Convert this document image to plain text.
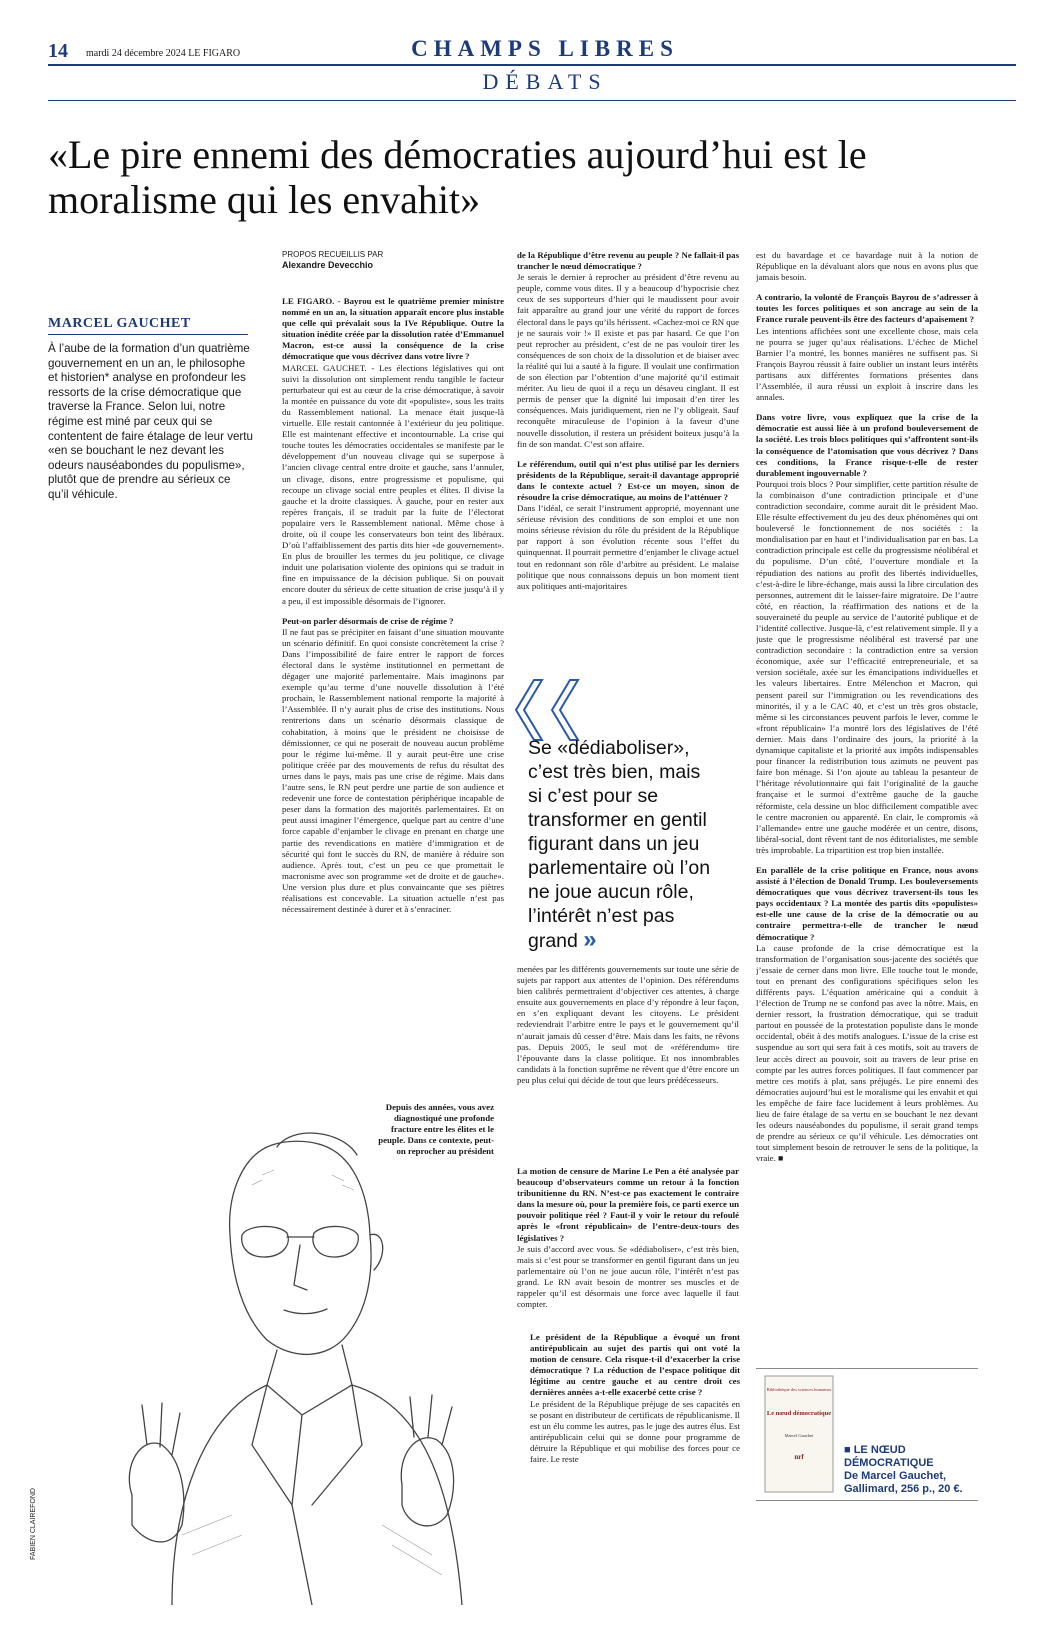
14 mardi 24 décembre 2024 LE FIGARO	CHAMPS LIBRES
DÉBATS
«Le pire ennemi des démocraties aujourd’hui est le moralisme qui les envahit»
MARCEL GAUCHET
À l’aube de la formation d’un quatrième gouvernement en un an, le philosophe et historien* analyse en profondeur les ressorts de la crise démocratique que traverse la France. Selon lui, notre régime est miné par ceux qui se contentent de faire étalage de leur vertu «en se bouchant le nez devant les odeurs nauséabondes du populisme», plutôt que de prendre au sérieux ce qu’il véhicule.
PROPOS RECUEILLIS PAR
Alexandre Devecchio

LE FIGARO. - Bayrou est le quatrième premier ministre nommé en un an, la situation apparaît encore plus instable que celle qui prévalait sous la IVe République. Outre la situation inédite créée par la dissolution ratée d’Emmanuel Macron, est-ce aussi la conséquence de la crise démocratique que vous décrivez dans votre livre ?
MARCEL GAUCHET. - Les élections législatives qui ont suivi la dissolution ont simplement rendu tangible le facteur perturbateur qui est au cœur de la crise démocratique, à savoir la montée en puissance du vote dit «populiste», sous les traits du Rassemblement national. La menace était jusque-là virtuelle. Elle restait cantonnée à l’extérieur du jeu politique. Elle est maintenant effective et incontournable. La crise qui touche toutes les démocraties occidentales se manifeste par le développement d’un nouveau clivage qui se superpose à l’ancien clivage central entre droite et gauche, sans l’annuler, un clivage, disons, entre progressisme et populisme, qui recoupe un clivage social entre peuples et élites. Il divise la gauche et la droite classiques. À gauche, pour en rester aux repères français, il se traduit par la fuite de l’électorat populaire vers le Rassemblement national. Même chose à droite, où il coupe les conservateurs bon teint des libéraux. D’où l’affaiblissement des partis dits hier «de gouvernement». En plus de brouiller les termes du jeu politique, ce clivage induit une polarisation violente des opinions qui se traduit in fine en impuissance de la décision publique. Si on pouvait encore douter du sérieux de cette situation de crise jusqu’à il y a peu, il est impossible désormais de l’ignorer.

Peut-on parler désormais de crise de régime ?
Il ne faut pas se précipiter en faisant d’une situation mouvante un scénario définitif. En quoi consiste concrètement la crise ? Dans l’impossibilité de faire entrer le rapport de forces électoral dans le système institutionnel en permettant de dégager une majorité parlementaire. Mais imaginons par exemple qu’au terme d’une nouvelle dissolution à l’été prochain, le Rassemblement national remporte la majorité à l’Assemblée. Il n’y aurait plus de crise des institutions. Nous rentrerions dans un scénario désormais classique de cohabitation, à moins que le président ne choisisse de démissionner, ce qui ne poserait de nouveau aucun problème pour le régime lui-même. Il y aurait peut-être une crise politique créée par des mouvements de refus du résultat des urnes dans le pays, mais pas une crise de régime. Mais dans l’autre sens, le RN peut perdre une partie de son audience et redevenir une force de contestation périphérique incapable de peser dans la formation des majorités parlementaires. Et on peut aussi imaginer l’émergence, quelque part au centre d’une force capable d’enjamber le clivage en prenant en charge une partie des revendications en matière d’immigration et de sécurité qui font le succès du RN, de manière à réduire son audience. Après tout, c’est un peu ce que promettait le macronisme avec son programme «et de droite et de gauche». Une version plus dure et plus convaincante que ses piètres réalisations est concevable. La situation actuelle n’est pas nécessairement destinée à durer et à s’enraciner.

de la République d’être revenu au peuple ? Ne fallait-il pas trancher le nœud démocratique ?
Je serais le dernier à reprocher au président d’être revenu au peuple, comme vous dites. Il y a beaucoup d’hypocrisie chez ceux de ses supporteurs d’hier qui le maudissent pour avoir fait apparaître au grand jour une vérité du rapport de forces électoral dans le pays qu’ils hérissent. «Cachez-moi ce RN que je ne saurais voir !» Il existe et pas par hasard. Ce que l’on peut reprocher au président, c’est de ne pas vouloir tirer les conséquences de son choix de la dissolution et de biaiser avec la réalité qui lui a sauté à la figure. Il voulait une confirmation de son élection par l’obtention d’une majorité qu’il estimait mériter. Au lieu de quoi il a reçu un désaveu cinglant. Il est permis de penser que la dignité lui imposait d’en tirer les conséquences. Mais juridiquement, rien ne l’y obligeait. Sauf reconquête miraculeuse de l’opinion à la faveur d’une nouvelle dissolution, il restera un président boiteux jusqu’à la fin de son mandat. C’est son affaire.

Le référendum, outil qui n’est plus utilisé par les derniers présidents de la République, serait-il davantage approprié dans le contexte actuel ? Est-ce un moyen, sinon de résoudre la crise démocratique, au moins de l’atténuer ?
Dans l’idéal, ce serait l’instrument approprié, moyennant une sérieuse révision des conditions de son emploi et une non moins sérieuse révision du rôle du président de la République par rapport à son évolution récente sous l’effet du quinquennat. Il pourrait permettre d’enjamber le clivage actuel tout en redonnant son rôle d’arbitre au président. Le malaise politique que nous connaissons depuis un bon moment tient aux politiques anti-majoritaires

Se «dédiaboliser», c’est très bien, mais si c’est pour se transformer en gentil figurant dans un jeu parlementaire où l’on ne joue aucun rôle, l’intérêt n’est pas grand »

menées par les différents gouvernements sur toute une série de sujets par rapport aux attentes de l’opinion. Des référendums bien calibrés permettraient d’objectiver ces attentes, à charge ensuite aux gouvernements en place d’y répondre à leur façon, en s’en expliquant devant les citoyens. Le président redeviendrait l’arbitre entre le pays et le gouvernement qu’il n’aurait jamais dû cesser d’être. Mais dans les faits, ne rêvons pas. Depuis 2005, le seul mot de «référendum» tire l’épouvante dans la classe politique. Et nos innombrables candidats à la fonction suprême ne rêvent que d’être encore un peu plus celui qui décide de tout que leurs prédécesseurs.

La motion de censure de Marine Le Pen a été analysée par beaucoup d’observateurs comme un retour à la fonction tribunitienne du RN. N’est-ce pas exactement le contraire dans la mesure où, pour la première fois, ce parti exerce un pouvoir politique réel ? Faut-il y voir le retour du refoulé après le «front républicain» de l’entre-deux-tours des législatives ?
Je suis d’accord avec vous. Se «dédiaboliser», c’est très bien, mais si c’est pour se transformer en gentil figurant dans un jeu parlementaire où l’on ne joue aucun rôle, l’intérêt n’est pas grand. Le RN avait besoin de montrer ses muscles et de rappeler qu’il est désormais une force avec laquelle il faut compter.

Le président de la République a évoqué un front antirépublicain au sujet des partis qui ont voté la motion de censure. Cela risque-t-il d’exacerber la crise démocratique ? La réduction de l’espace politique dit légitime au centre gauche et au centre droit ces dernières années a-t-elle exacerbé cette crise ?
Le président de la République préjuge de ses capacités en se posant en distributeur de certificats de républicanisme. Il est un élu comme les autres, pas le juge des autres élus. Est antirépublicain celui qui se donne pour programme de détruire la République et qui mobilise des forces pour ce faire. Le reste

est du bavardage et ce bavardage nuit à la notion de République en la dévaluant alors que nous en avons plus que jamais besoin.

A contrario, la volonté de François Bayrou de s’adresser à toutes les forces politiques et son ancrage au sein de la France rurale peuvent-ils être des facteurs d’apaisement ?
Les intentions affichées sont une excellente chose, mais cela ne pourra se juger qu’aux réalisations. L’échec de Michel Barnier l’a montré, les bonnes manières ne suffisent pas. Si François Bayrou réussit à faire oublier un instant leurs intérêts partisans aux différentes formations présentes dans l’Assemblée, il aura réussi un exploit à inscrire dans les annales.

Dans votre livre, vous expliquez que la crise de la démocratie est aussi liée à un profond bouleversement de la société. Les trois blocs politiques qui s’affrontent sont-ils la conséquence de l’atomisation que vous décrivez ? Dans ces conditions, la France risque-t-elle de rester durablement ingouvernable ?
Pourquoi trois blocs ? Pour simplifier, cette partition résulte de la combinaison d’une contradiction principale et d’une contradiction secondaire, comme aurait dit le président Mao. Elle résulte effectivement du jeu des deux phénomènes qui ont bouleversé le fonctionnement de nos sociétés : la mondialisation par en haut et l’individualisation par en bas. La contradiction principale est celle du progressisme néolibéral et du populisme. D’un côté, l’ouverture mondiale et la répudiation des nations au profit des libertés individuelles, c’est-à-dire le libre-échange, mais aussi la libre circulation des personnes, autrement dit le laisser-faire migratoire. De l’autre côté, en réaction, la réaffirmation des nations et de la souveraineté du peuple au service de l’autorité publique et de l’identité collective. Jusque-là, c’est relativement simple. Il y a juste que le progressisme néolibéral est traversé par une contradiction secondaire : la contradiction entre sa version économique, axée sur l’efficacité entrepreneuriale, et sa version sociétale, axée sur les émancipations individuelles et les valeurs libertaires. Entre Mélenchon et Macron, qui pensent pareil sur l’immigration ou les revendications des minorités, il y a le CAC 40, et c’est un très gros obstacle, même si les circonstances peuvent parfois le lever, comme le «front républicain» l’a montré lors des législatives de l’été dernier. Mais dans l’ordinaire des jours, la priorité à la dynamique capitaliste et la priorité aux impôts indispensables pour financer la redistribution tous azimuts ne peuvent pas faire bon ménage. Si l’on ajoute au tableau la pesanteur de l’héritage révolutionnaire qui fait l’originalité de la gauche française et le surmoi d’extrême gauche de la gauche réformiste, cela dessine un bloc difficilement compatible avec le centre macronien ou apparenté. En clair, le compromis «à l’allemande» entre une gauche modérée et un centre, disons, libéral-social, dont rêvent tant de nos éditorialistes, me semble très improbable. La tripartition est trop bien installée.

En parallèle de la crise politique en France, nous avons assisté à l’élection de Donald Trump. Les bouleversements démocratiques que vous décrivez traversent-ils tous les pays occidentaux ? La montée des partis dits «populistes» est-elle une cause de la crise de la démocratie ou au contraire permettra-t-elle de trancher le nœud démocratique ?
La cause profonde de la crise démocratique est la transformation de l’organisation sous-jacente des sociétés que j’essaie de cerner dans mon livre. Elle touche tout le monde, tout en prenant des configurations spécifiques selon les différents pays. L’équation américaine qui a conduit à l’élection de Trump ne se confond pas avec la nôtre. Mais, en dernier ressort, la frustration démocratique, qui se traduit partout en poussée de la protestation populiste dans le monde occidental, obéit à des motifs analogues. L’issue de la crise est suspendue au sort qui sera fait à ces motifs, soit au travers de leur accès direct au pouvoir, soit au travers de leur prise en compte par les autres forces politiques. Il faut commencer par mettre ces motifs à plat, sans préjugés. Le pire ennemi des démocraties aujourd’hui est le moralisme qui les envahit et qui les empêche de faire face lucidement à leurs problèmes. Au lieu de faire étalage de sa vertu en se bouchant le nez devant les odeurs nauséabondes du populisme, il serait grand temps de prendre au sérieux ce qu’il véhicule. Les démocraties ont tout simplement besoin de retrouver le sens de la politique, la vraie. ■

FABIEN CLAIREFOND
Depuis des années, vous avez diagnostiqué une profonde fracture entre les élites et le peuple. Dans ce contexte, peut-on reprocher au président
Bibliothèque des sciences humaines
Le nœud démocratique
Marcel Gauchet
nrf
■ LE NŒUD DÉMOCRATIQUE
De Marcel Gauchet, Gallimard, 256 p., 20 €.
